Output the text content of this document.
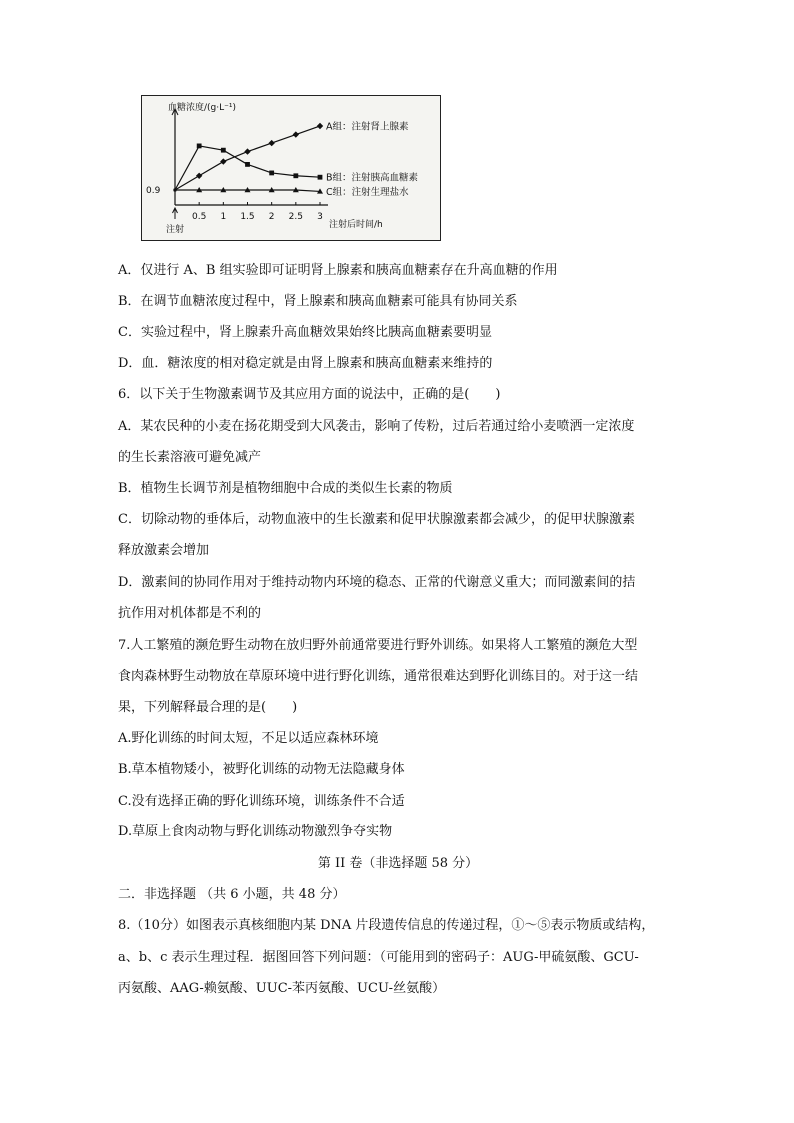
血糖浓度/(g·L⁻¹)
0.9
0.5 1 1.5 2 2.5 3
注射	注射后时间/h
A组：注射肾上腺素
B组：注射胰高血糖素
C组：注射生理盐水
A．仅进行 A、B 组实验即可证明肾上腺素和胰高血糖素存在升高血糖的作用
B．在调节血糖浓度过程中，肾上腺素和胰高血糖素可能具有协同关系
C．实验过程中，肾上腺素升高血糖效果始终比胰高血糖素要明显
D．血．糖浓度的相对稳定就是由肾上腺素和胰高血糖素来维持的
6．以下关于生物激素调节及其应用方面的说法中，正确的是(　　)
A．某农民种的小麦在扬花期受到大风袭击，影响了传粉，过后若通过给小麦喷洒一定浓度
的生长素溶液可避免减产
B．植物生长调节剂是植物细胞中合成的类似生长素的物质
C．切除动物的垂体后，动物血液中的生长激素和促甲状腺激素都会减少，的促甲状腺激素
释放激素会增加
D．激素间的协同作用对于维持动物内环境的稳态、正常的代谢意义重大；而同激素间的拮
抗作用对机体都是不利的
7.人工繁殖的濒危野生动物在放归野外前通常要进行野外训练。如果将人工繁殖的濒危大型
食肉森林野生动物放在草原环境中进行野化训练，通常很难达到野化训练目的。对于这一结
果，下列解释最合理的是(　　)
A.野化训练的时间太短，不足以适应森林环境
B.草本植物矮小，被野化训练的动物无法隐藏身体
C.没有选择正确的野化训练环境，训练条件不合适
D.草原上食肉动物与野化训练动物激烈争夺实物
第 II 卷（非选择题 58 分）
二．非选择题 （共 6 小题，共 48 分）
8.（10分）如图表示真核细胞内某 DNA 片段遗传信息的传递过程，①～⑤表示物质或结构，
a、b、c 表示生理过程．据图回答下列问题：（可能用到的密码子：AUG-甲硫氨酸、GCU-
丙氨酸、AAG-赖氨酸、UUC-苯丙氨酸、UCU-丝氨酸）
